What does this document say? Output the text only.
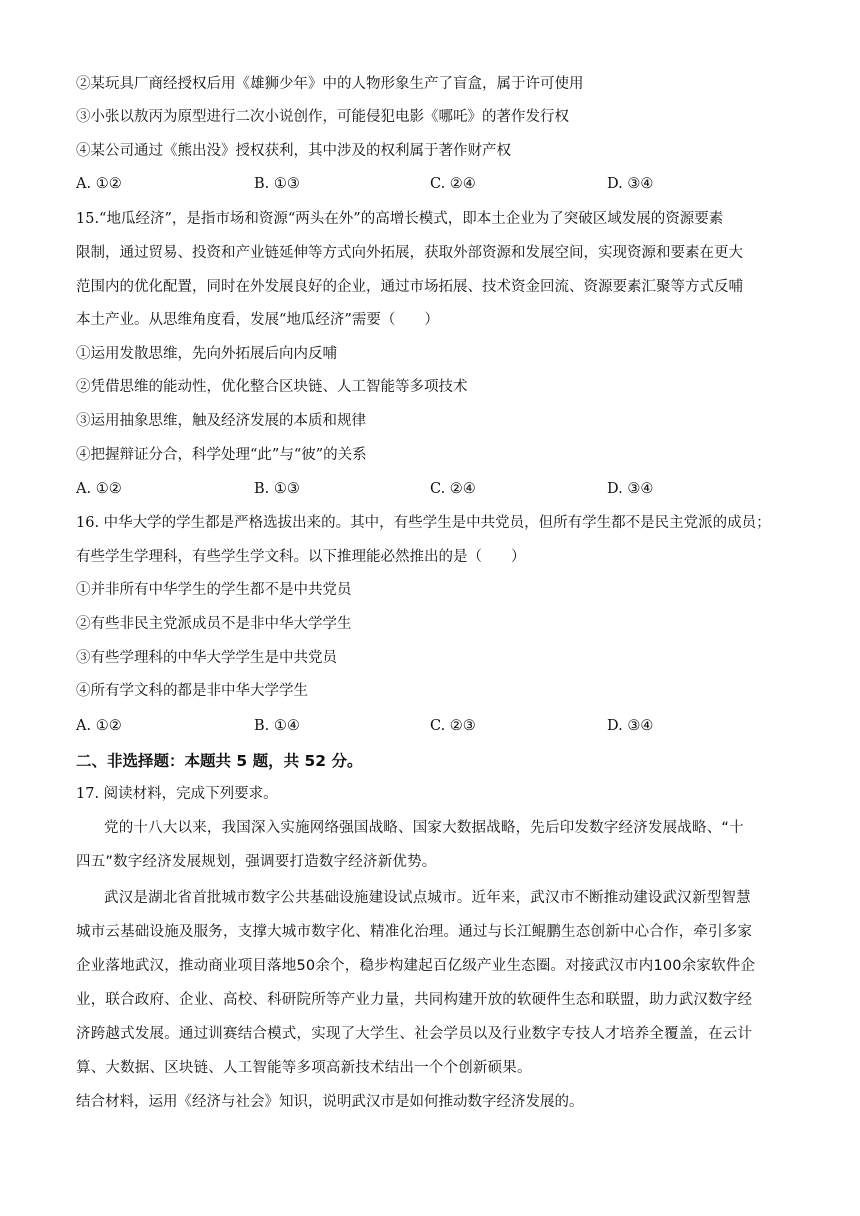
②某玩具厂商经授权后用《雄狮少年》中的人物形象生产了盲盒，属于许可使用
③小张以敖丙为原型进行二次小说创作，可能侵犯电影《哪吒》的著作发行权
④某公司通过《熊出没》授权获利，其中涉及的权利属于著作财产权
A. ①②	B. ①③	C. ②④	D. ③④
15.“地瓜经济”，是指市场和资源“两头在外”的高增长模式，即本土企业为了突破区域发展的资源要素
限制，通过贸易、投资和产业链延伸等方式向外拓展，获取外部资源和发展空间，实现资源和要素在更大
范围内的优化配置，同时在外发展良好的企业，通过市场拓展、技术资金回流、资源要素汇聚等方式反哺
本土产业。从思维角度看，发展“地瓜经济”需要（　　）
①运用发散思维，先向外拓展后向内反哺
②凭借思维的能动性，优化整合区块链、人工智能等多项技术
③运用抽象思维，触及经济发展的本质和规律
④把握辩证分合，科学处理“此”与“彼”的关系
A. ①②	B. ①③	C. ②④	D. ③④
16. 中华大学的学生都是严格选拔出来的。其中，有些学生是中共党员，但所有学生都不是民主党派的成员；
有些学生学理科，有些学生学文科。以下推理能必然推出的是（　　）
①并非所有中华学生的学生都不是中共党员
②有些非民主党派成员不是非中华大学学生
③有些学理科的中华大学学生是中共党员
④所有学文科的都是非中华大学学生
A. ①②	B. ①④	C. ②③	D. ③④
二、非选择题：本题共 5 题，共 52 分。
17. 阅读材料，完成下列要求。
党的十八大以来，我国深入实施网络强国战略、国家大数据战略，先后印发数字经济发展战略、“十
四五”数字经济发展规划，强调要打造数字经济新优势。
武汉是湖北省首批城市数字公共基础设施建设试点城市。近年来，武汉市不断推动建设武汉新型智慧
城市云基础设施及服务，支撑大城市数字化、精准化治理。通过与长江鲲鹏生态创新中心合作，牵引多家
企业落地武汉，推动商业项目落地50余个，稳步构建起百亿级产业生态圈。对接武汉市内100余家软件企
业，联合政府、企业、高校、科研院所等产业力量，共同构建开放的软硬件生态和联盟，助力武汉数字经
济跨越式发展。通过训赛结合模式，实现了大学生、社会学员以及行业数字专技人才培养全覆盖，在云计
算、大数据、区块链、人工智能等多项高新技术结出一个个创新硕果。
结合材料，运用《经济与社会》知识，说明武汉市是如何推动数字经济发展的。
